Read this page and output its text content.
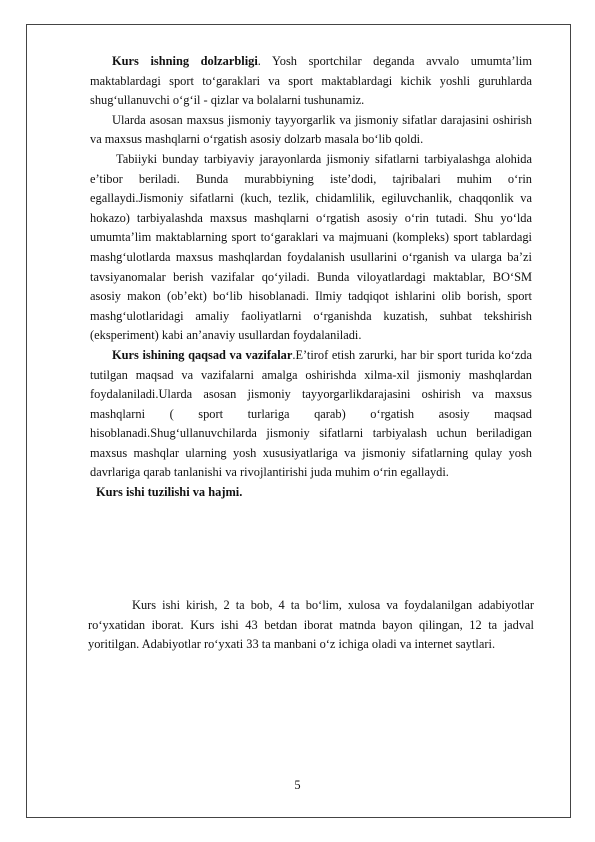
Kurs ishning dolzarbligi. Yosh sportchilar deganda avvalo umumta’lim maktablardagi sport to‘garaklari va sport maktablardagi kichik yoshli guruhlarda shug‘ullanuvchi o‘g‘il - qizlar va bolalarni tushunamiz.

Ularda asosan maxsus jismoniy tayyorgarlik va jismoniy sifatlar darajasini oshirish va maxsus mashqlarni o‘rgatish asosiy dolzarb masala bo‘lib qoldi.

Tabiiyki bunday tarbiyaviy jarayonlarda jismoniy sifatlarni tarbiyalashga alohida e’tibor beriladi. Bunda murabbiyning iste’dodi, tajribalari muhim o‘rin egallaydi.Jismoniy sifatlarni (kuch, tezlik, chidamlilik, egiluvchanlik, chaqqonlik va hokazo) tarbiyalashda maxsus mashqlarni o‘rgatish asosiy o‘rin tutadi. Shu yo‘lda umumta’lim maktablarning sport to‘garaklari va majmuani (kompleks) sport tablardagi mashg‘ulotlarda maxsus mashqlardan foydalanish usullarini o‘rganish va ularga ba’zi tavsiyanomalar berish vazifalar qo‘yiladi. Bunda viloyatlardagi maktablar, BO‘SM asosiy makon (ob’ekt) bo‘lib hisoblanadi. Ilmiy tadqiqot ishlarini olib borish, sport mashg‘ulotlaridagi amaliy faoliyatlarni o‘rganishda kuzatish, suhbat tekshirish (eksperiment) kabi an’anaviy usullardan foydalaniladi.

Kurs ishining qaqsad va vazifalar.E’tirof etish zarurki, har bir sport turida ko‘zda tutilgan maqsad va vazifalarni amalga oshirishda xilma-xil jismoniy mashqlardan foydalaniladi.Ularda asosan jismoniy tayyorgarlikdarajasini oshirish va maxsus mashqlarni ( sport turlariga qarab) o‘rgatish asosiy maqsad hisoblanadi.Shug‘ullanuvchilarda jismoniy sifatlarni tarbiyalash uchun beriladigan maxsus mashqlar ularning yosh xususiyatlariga va jismoniy sifatlarning qulay yosh davrlariga qarab tanlanishi va rivojlantirishi juda muhim o‘rin egallaydi.

Kurs ishi tuzilishi va hajmi.

Kurs ishi kirish, 2 ta bob, 4 ta bo‘lim, xulosa va foydalanilgan adabiyotlar ro‘yxatidan iborat. Kurs ishi 43 betdan iborat matnda bayon qilingan, 12 ta jadval yoritilgan. Adabiyotlar ro‘yxati 33 ta manbani o‘z ichiga oladi va internet saytlari.

5
